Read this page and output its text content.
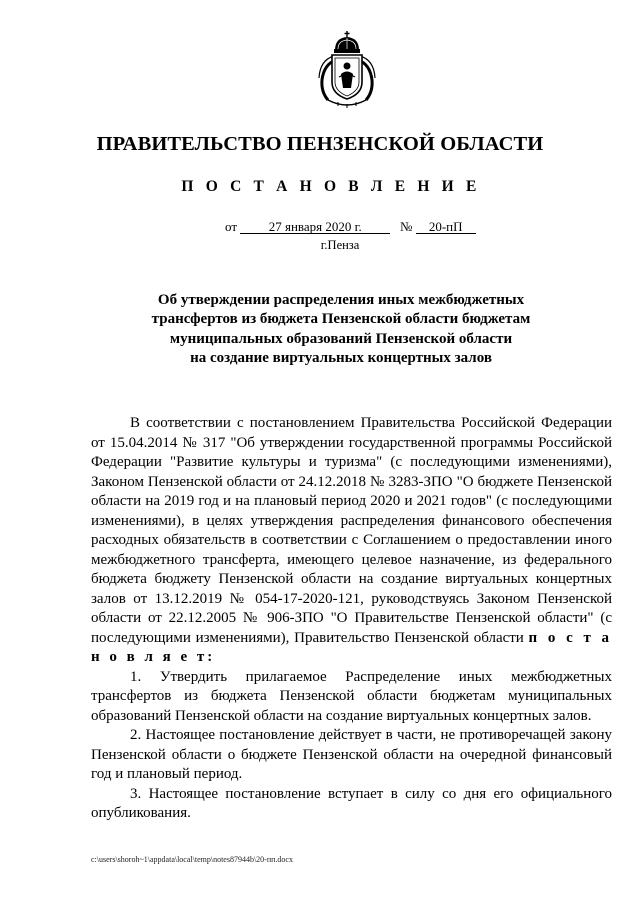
ПРАВИТЕЛЬСТВО ПЕНЗЕНСКОЙ ОБЛАСТИ
П О С Т А Н О В Л Е Н И Е
от 27 января 2020 г.	№ 20-пП
г.Пенза
Об утверждении распределения иных межбюджетных
трансфертов из бюджета Пензенской области бюджетам
муниципальных образований Пензенской области
на создание виртуальных концертных залов

В соответствии с постановлением Правительства Российской Федерации от 15.04.2014 № 317 "Об утверждении государственной программы Российской Федерации "Развитие культуры и туризма" (с последующими изменениями), Законом Пензенской области от 24.12.2018 № 3283-ЗПО "О бюджете Пензенской области на 2019 год и на плановый период 2020 и 2021 годов" (с последующими изменениями), в целях утверждения распределения финансового обеспечения расходных обязательств в соответствии с Соглашением о предоставлении иного межбюджетного трансферта, имеющего целевое назначение, из федерального бюджета бюджету Пензенской области на создание виртуальных концертных залов от 13.12.2019 № 054-17-2020-121, руководствуясь Законом Пензенской области от 22.12.2005 № 906-ЗПО "О Правительстве Пензенской области" (с последующими изменениями), Правительство Пензенской области п о с т а н о в л я е т:

1. Утвердить прилагаемое Распределение иных межбюджетных трансфертов из бюджета Пензенской области бюджетам муниципальных образований Пензенской области на создание виртуальных концертных залов.

2. Настоящее постановление действует в части, не противоречащей закону Пензенской области о бюджете Пензенской области на очередной финансовый год и плановый период.

3. Настоящее постановление вступает в силу со дня его официального опубликования.

c:\users\shoroh~1\appdata\local\temp\notes87944b\20-пп.docx
